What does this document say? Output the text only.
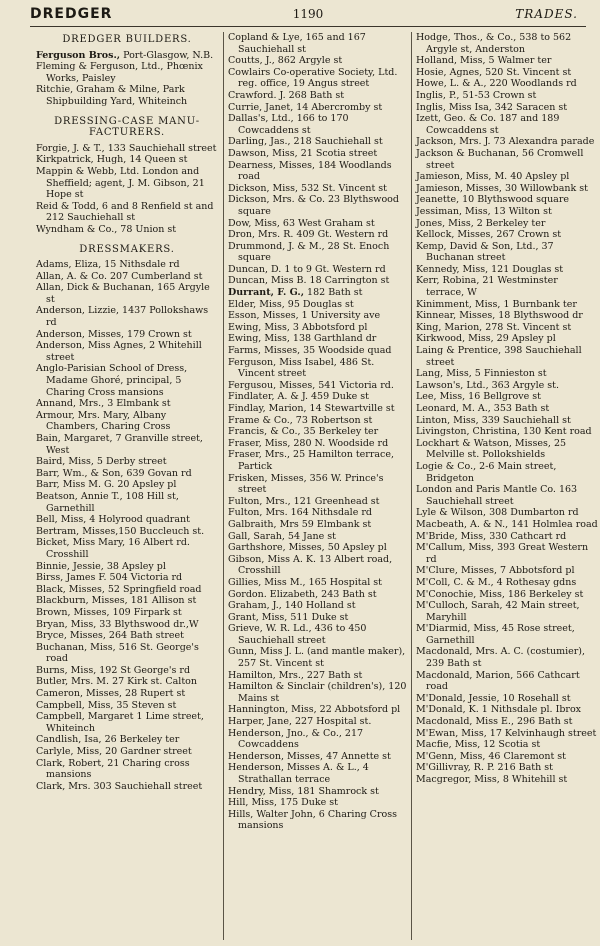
DREDGER	1190	TRADES.
DREDGER BUILDERS.
Ferguson Bros., Port-Glasgow, N.B.
Fleming & Ferguson, Ltd., Phœnix Works, Paisley
Ritchie, Graham & Milne, Park Shipbuilding Yard, Whiteinch
DRESSING-CASE MANU-FACTURERS.
Forgie, J. & T., 133 Sauchiehall street
Kirkpatrick, Hugh, 14 Queen st
Mappin & Webb, Ltd. London and Sheffield; agent, J. M. Gibson, 21 Hope st
Reid & Todd, 6 and 8 Renfield st and 212 Sauchiehall st
Wyndham & Co., 78 Union st
DRESSMAKERS.
Adams, Eliza, 15 Nithsdale rd
Allan, A. & Co. 207 Cumberland st
Allan, Dick & Buchanan, 165 Argyle st
Anderson, Lizzie, 1437 Pollokshaws rd
Anderson, Misses, 179 Crown st
Anderson, Miss Agnes, 2 Whitehill street
Anglo-Parisian School of Dress, Madame Ghoré, principal, 5 Charing Cross mansions
Annand, Mrs., 3 Elmbank st
Armour, Mrs. Mary, Albany Chambers, Charing Cross
Bain, Margaret, 7 Granville street, West
Baird, Miss, 5 Derby street
Barr, Wm., & Son, 639 Govan rd
Barr, Miss M. G. 20 Apsley pl
Beatson, Annie T., 108 Hill st, Garnethill
Bell, Miss, 4 Holyrood quadrant
Bertram, Misses,150 Buccleuch st.
Bicket, Miss Mary, 16 Albert rd. Crosshill
Binnie, Jessie, 38 Apsley pl
Birss, James F. 504 Victoria rd
Black, Misses, 52 Springfield road
Blackburn, Misses, 181 Allison st
Brown, Misses, 109 Firpark st
Bryan, Miss, 33 Blythswood dr.,W
Bryce, Misses, 264 Bath street
Buchanan, Miss, 516 St. George's road
Burns, Miss, 192 St George's rd
Butler, Mrs. M. 27 Kirk st. Calton
Cameron, Misses, 28 Rupert st
Campbell, Miss, 35 Steven st
Campbell, Margaret 1 Lime street, Whiteinch
Candlish, Isa, 26 Berkeley ter
Carlyle, Miss, 20 Gardner street
Clark, Robert, 21 Charing cross mansions
Clark, Mrs. 303 Sauchiehall street
Copland & Lye, 165 and 167 Sauchiehall st
Coutts, J., 862 Argyle st
Cowlairs Co-operative Society, Ltd. reg. office, 19 Angus street
Crawford. J. 268 Bath st
Currie, Janet, 14 Abercromby st
Dallas's, Ltd., 166 to 170 Cowcaddens st
Darling, Jas., 218 Sauchiehall st
Dawson, Miss, 21 Scotia street
Dearness, Misses, 184 Woodlands road
Dickson, Miss, 532 St. Vincent st
Dickson, Mrs. & Co. 23 Blythswood square
Dow, Miss, 63 West Graham st
Dron, Mrs. R. 409 Gt. Western rd
Drummond, J. & M., 28 St. Enoch square
Duncan, D. 1 to 9 Gt. Western rd
Duncan, Miss B. 18 Carrington st
Durrant, F. G., 182 Bath st
Elder, Miss, 95 Douglas st
Esson, Misses, 1 University ave
Ewing, Miss, 3 Abbotsford pl
Ewing, Miss, 138 Garthland dr
Farms, Misses, 35 Woodside quad
Ferguson, Miss Isabel, 486 St. Vincent street
Fergusou, Misses, 541 Victoria rd.
Findlater, A. & J. 459 Duke st
Findlay, Marion, 14 Stewartville st
Frame & Co., 73 Robertson st
Francis, & Co., 35 Berkeley ter
Fraser, Miss, 280 N. Woodside rd
Fraser, Mrs., 25 Hamilton terrace, Partick
Frisken, Misses, 356 W. Prince's street
Fulton, Mrs., 121 Greenhead st
Fulton, Mrs. 164 Nithsdale rd
Galbraith, Mrs 59 Elmbank st
Gall, Sarah, 54 Jane st
Garthshore, Misses, 50 Apsley pl
Gibson, Miss A. K. 13 Albert road, Crosshill
Gillies, Miss M., 165 Hospital st
Gordon. Elizabeth, 243 Bath st
Graham, J., 140 Holland st
Grant, Miss, 511 Duke st
Grieve, W. R. Ld., 436 to 450 Sauchiehall street
Gunn, Miss J. L. (and mantle maker), 257 St. Vincent st
Hamilton, Mrs., 227 Bath st
Hamilton & Sinclair (children's), 120 Mains st
Hannington, Miss, 22 Abbotsford pl
Harper, Jane, 227 Hospital st.
Henderson, Jno., & Co., 217 Cowcaddens
Henderson, Misses, 47 Annette st
Henderson, Misses A. & L., 4 Strathallan terrace
Hendry, Miss, 181 Shamrock st
Hill, Miss, 175 Duke st
Hills, Walter John, 6 Charing Cross mansions
Hodge, Thos., & Co., 538 to 562 Argyle st, Anderston
Holland, Miss, 5 Walmer ter
Hosie, Agnes, 520 St. Vincent st
Howe, L. & A., 220 Woodlands rd
Inglis, P., 51-53 Crown st
Inglis, Miss Isa, 342 Saracen st
Izett, Geo. & Co. 187 and 189 Cowcaddens st
Jackson, Mrs. J. 73 Alexandra parade
Jackson & Buchanan, 56 Cromwell street
Jamieson, Miss, M. 40 Apsley pl
Jamieson, Misses, 30 Willowbank st
Jeanette, 10 Blythswood square
Jessiman, Miss, 13 Wilton st
Jones, Miss, 2 Berkeley ter
Kellock, Misses, 267 Crown st
Kemp, David & Son, Ltd., 37 Buchanan street
Kennedy, Miss, 121 Douglas st
Kerr, Robina, 21 Westminster terrace, W
Kinimment, Miss, 1 Burnbank ter
Kinnear, Misses, 18 Blythswood dr
King, Marion, 278 St. Vincent st
Kirkwood, Miss, 29 Apsley pl
Laing & Prentice, 398 Sauchiehall street
Lang, Miss, 5 Finnieston st
Lawson's, Ltd., 363 Argyle st.
Lee, Miss, 16 Bellgrove st
Leonard, M. A., 353 Bath st
Linton, Miss, 339 Sauchiehall st
Livingston, Christina, 130 Kent road
Lockhart & Watson, Misses, 25 Melville st. Pollokshields
Logie & Co., 2-6 Main street, Bridgeton
London and Paris Mantle Co. 163 Sauchiehall street
Lyle & Wilson, 308 Dumbarton rd
Macbeath, A. & N., 141 Holmlea road
M'Bride, Miss, 330 Cathcart rd
M'Callum, Miss, 393 Great Western rd
M'Clure, Misses, 7 Abbotsford pl
M'Coll, C. & M., 4 Rothesay gdns
M'Conochie, Miss, 186 Berkeley st
M'Culloch, Sarah, 42 Main street, Maryhill
M'Diarmid, Miss, 45 Rose street, Garnethill
Macdonald, Mrs. A. C. (costumier), 239 Bath st
Macdonald, Marion, 566 Cathcart road
M'Donald, Jessie, 10 Rosehall st
M'Donald, K. 1 Nithsdale pl. Ibrox
Macdonald, Miss E., 296 Bath st
M'Ewan, Miss, 17 Kelvinhaugh street
Macfie, Miss, 12 Scotia st
M'Genn, Miss, 46 Claremont st
M'Gillivray, R. P. 216 Bath st
Macgregor, Miss, 8 Whitehill st
